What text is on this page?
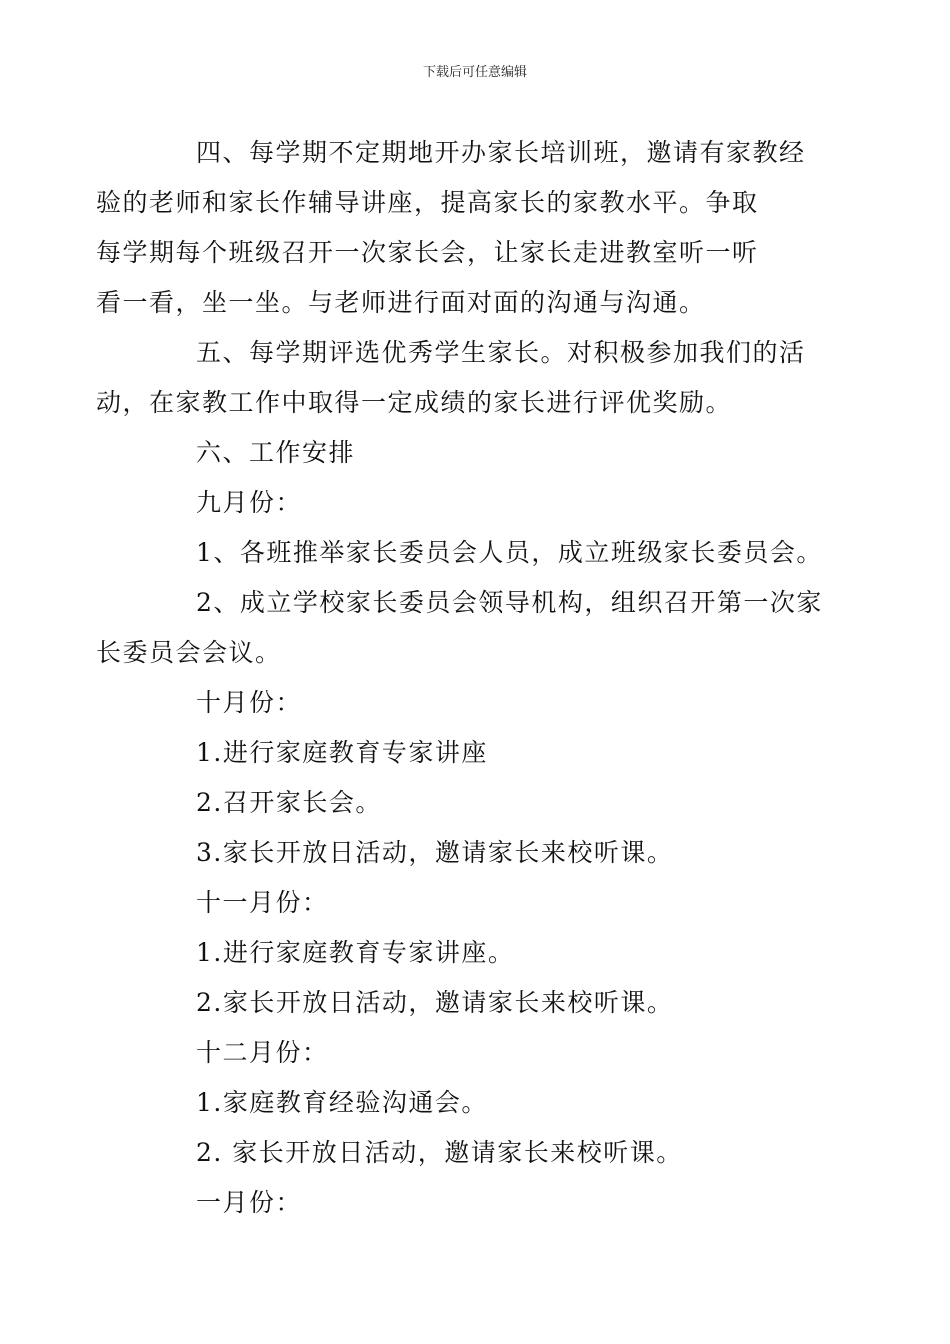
下载后可任意编辑

四、每学期不定期地开办家长培训班，邀请有家教经
验的老师和家长作辅导讲座，提高家长的家教水平。争取
每学期每个班级召开一次家长会，让家长走进教室听一听
看一看，坐一坐。与老师进行面对面的沟通与沟通。

五、每学期评选优秀学生家长。对积极参加我们的活
动，在家教工作中取得一定成绩的家长进行评优奖励。

六、工作安排

九月份：

1、各班推举家长委员会人员，成立班级家长委员会。

2、成立学校家长委员会领导机构，组织召开第一次家
长委员会会议。

十月份：

1.进行家庭教育专家讲座

2.召开家长会。

3.家长开放日活动，邀请家长来校听课。

十一月份：

1.进行家庭教育专家讲座。

2.家长开放日活动，邀请家长来校听课。

十二月份：

1.家庭教育经验沟通会。

2. 家长开放日活动，邀请家长来校听课。

一月份：
